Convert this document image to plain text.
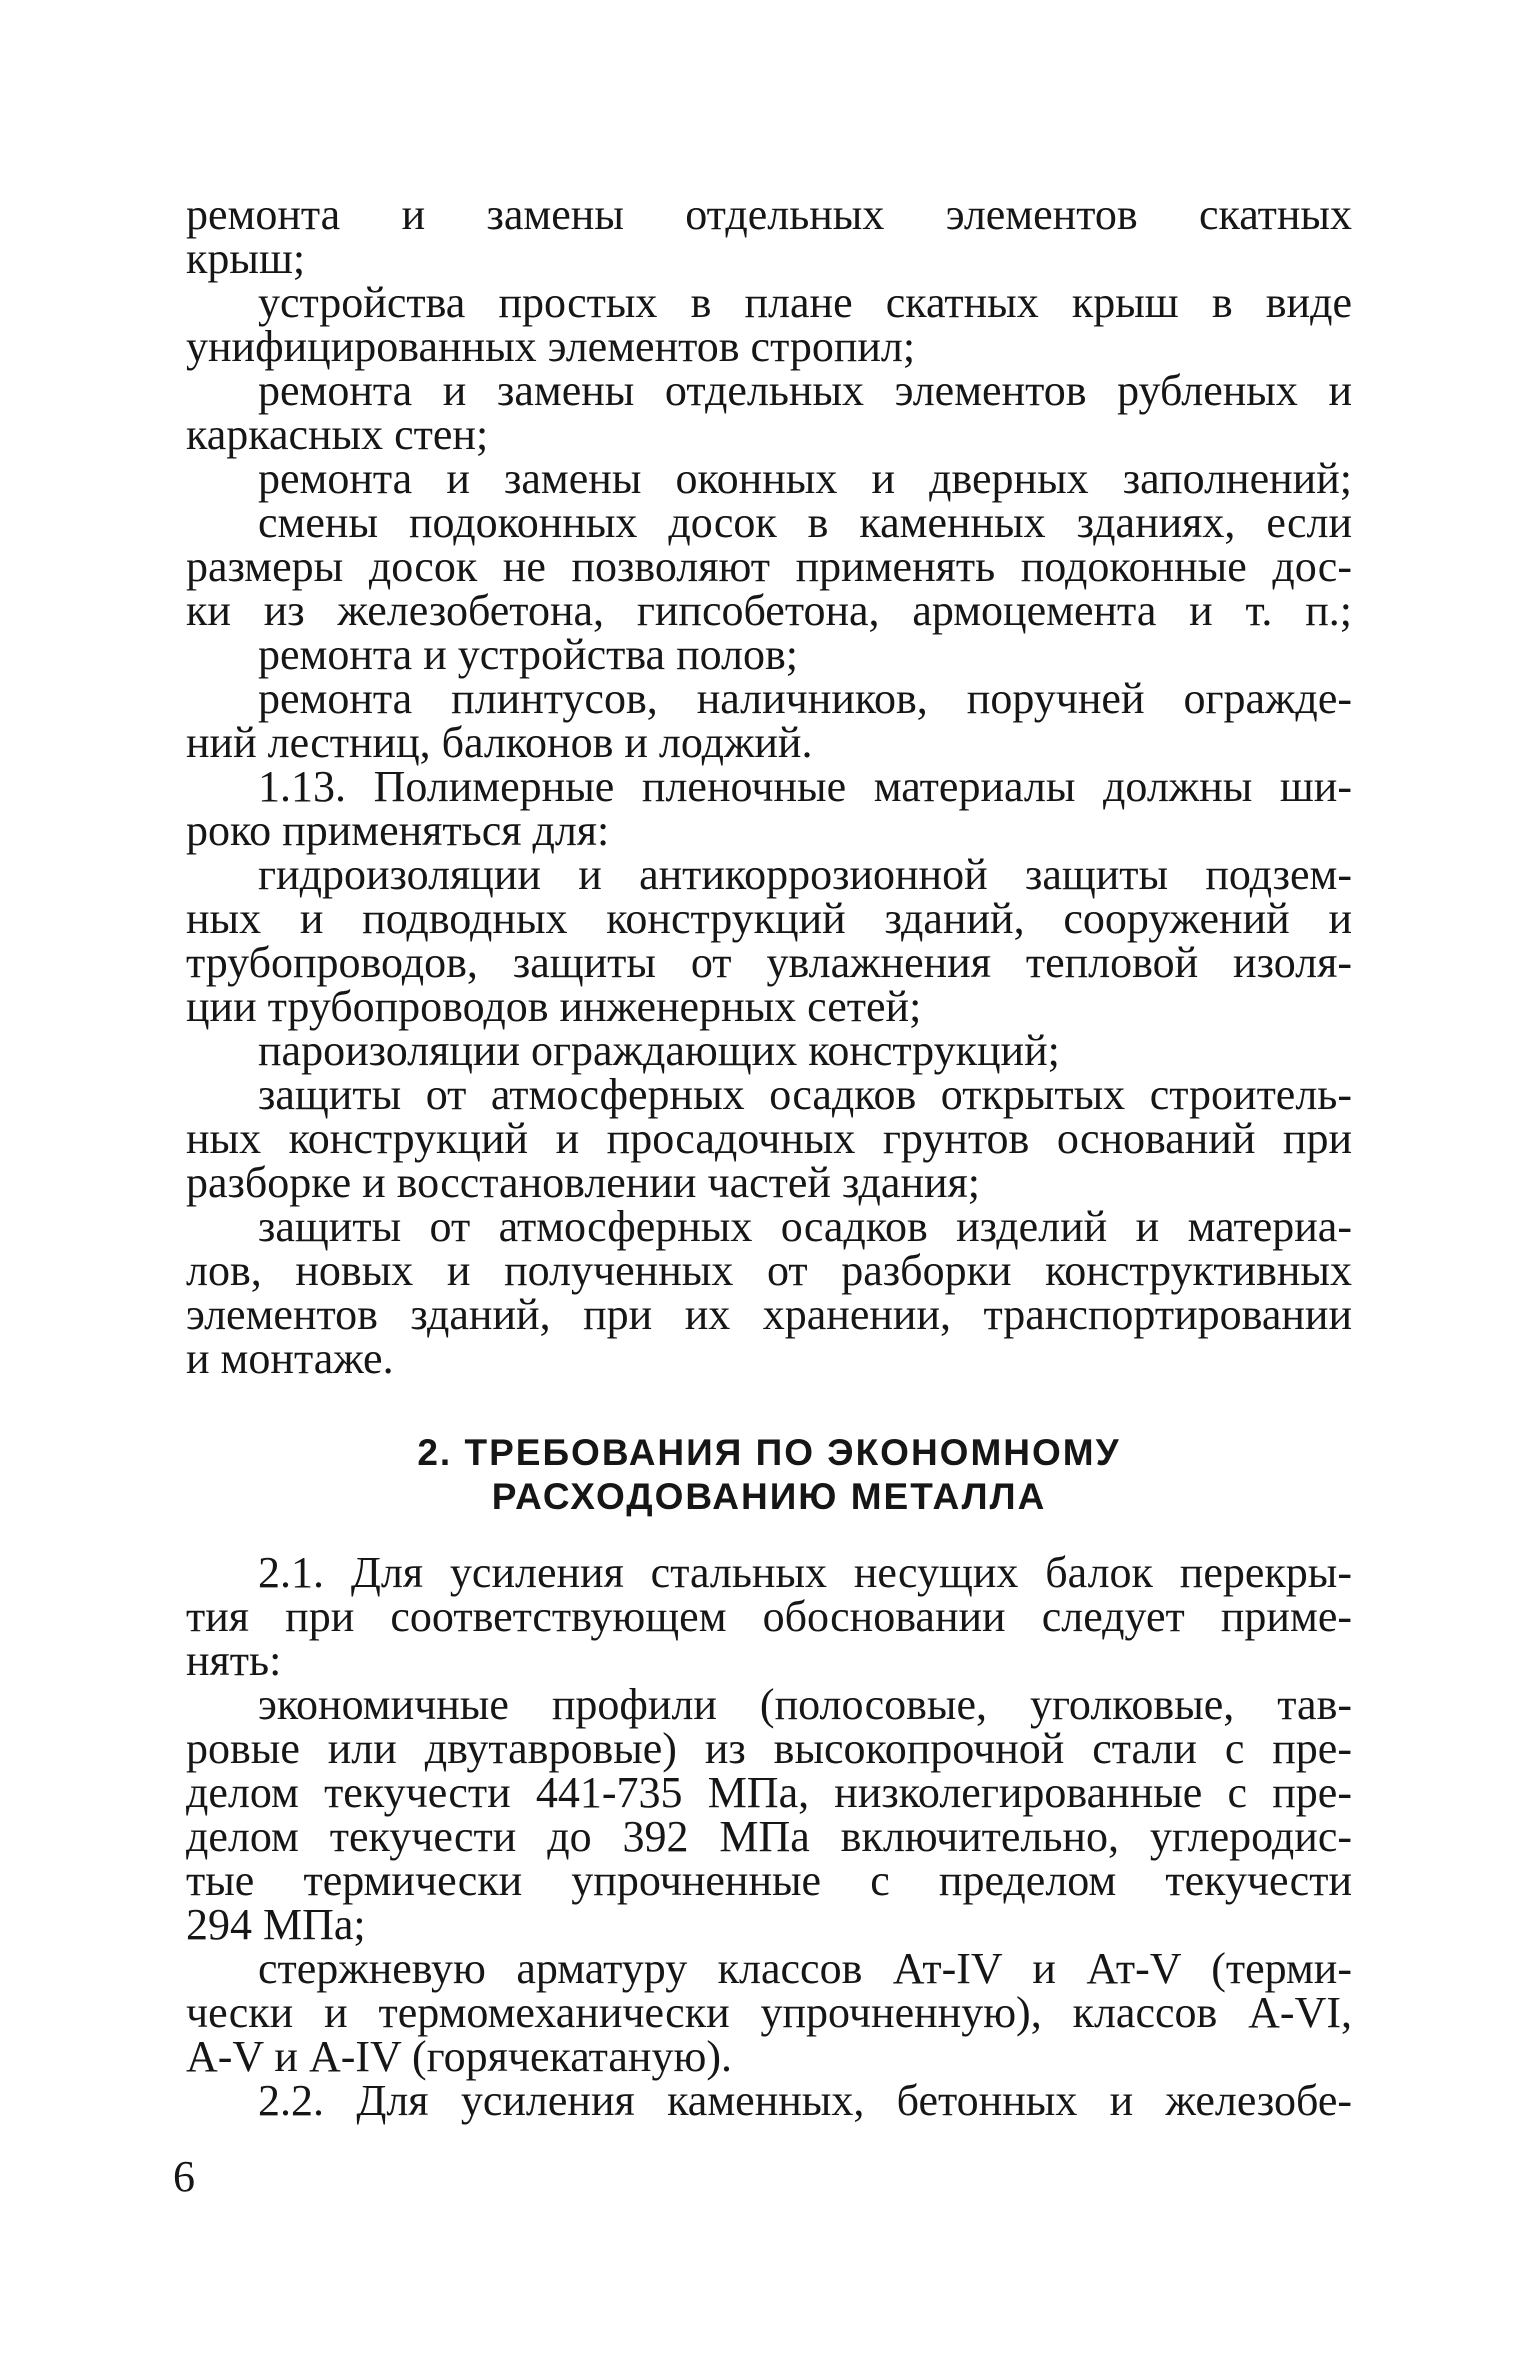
ремонта и замены отдельных элементов скатных
крыш;
устройства простых в плане скатных крыш в виде
унифицированных элементов стропил;
ремонта и замены отдельных элементов рубленых и
каркасных стен;
ремонта и замены оконных и дверных заполнений;
смены подоконных досок в каменных зданиях, если
размеры досок не позволяют применять подоконные дос-
ки из железобетона, гипсобетона, армоцемента и т. п.;
ремонта и устройства полов;
ремонта плинтусов, наличников, поручней огражде-
ний лестниц, балконов и лоджий.
1.13. Полимерные пленочные материалы должны ши-
роко применяться для:
гидроизоляции и антикоррозионной защиты подзем-
ных и подводных конструкций зданий, сооружений и
трубопроводов, защиты от увлажнения тепловой изоля-
ции трубопроводов инженерных сетей;
пароизоляции ограждающих конструкций;
защиты от атмосферных осадков открытых строитель-
ных конструкций и просадочных грунтов оснований при
разборке и восстановлении частей здания;
защиты от атмосферных осадков изделий и материа-
лов, новых и полученных от разборки конструктивных
элементов зданий, при их хранении, транспортировании
и монтаже.
2. ТРЕБОВАНИЯ ПО ЭКОНОМНОМУ
РАСХОДОВАНИЮ МЕТАЛЛА
2.1. Для усиления стальных несущих балок перекры-
тия при соответствующем обосновании следует приме-
нять:
экономичные профили (полосовые, уголковые, тав-
ровые или двутавровые) из высокопрочной стали с пре-
делом текучести 441-735 МПа, низколегированные с пре-
делом текучести до 392 МПа включительно, углеродис-
тые термически упрочненные с пределом текучести
294 МПа;
стержневую арматуру классов Ат-IV и Ат-V (терми-
чески и термомеханически упрочненную), классов A-VI,
A-V и A-IV (горячекатаную).
2.2. Для усиления каменных, бетонных и железобе-
6
